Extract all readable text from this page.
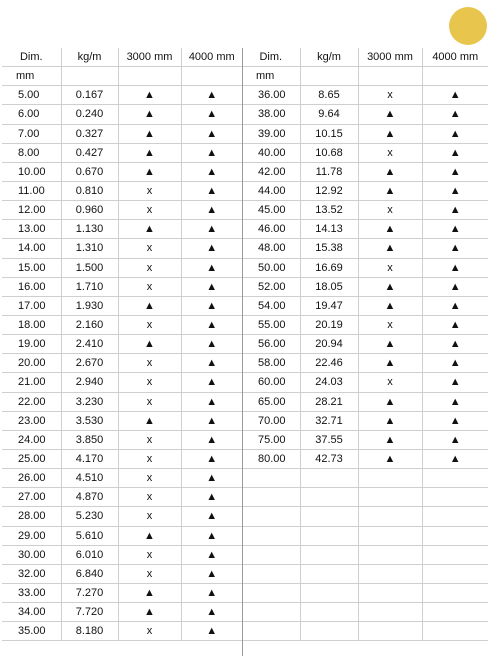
Dim.	kg/m	3000 mm	4000 mm
mm			
5.00	0.167	▲	▲
6.00	0.240	▲	▲
7.00	0.327	▲	▲
8.00	0.427	▲	▲
10.00	0.670	▲	▲
11.00	0.810	x	▲
12.00	0.960	x	▲
13.00	1.130	▲	▲
14.00	1.310	x	▲
15.00	1.500	x	▲
16.00	1.710	x	▲
17.00	1.930	▲	▲
18.00	2.160	x	▲
19.00	2.410	▲	▲
20.00	2.670	x	▲
21.00	2.940	x	▲
22.00	3.230	x	▲
23.00	3.530	▲	▲
24.00	3.850	x	▲
25.00	4.170	x	▲
26.00	4.510	x	▲
27.00	4.870	x	▲
28.00	5.230	x	▲
29.00	5.610	▲	▲
30.00	6.010	x	▲
32.00	6.840	x	▲
33.00	7.270	▲	▲
34.00	7.720	▲	▲
35.00	8.180	x	▲
Dim.	kg/m	3000 mm	4000 mm
mm			
36.00	8.65	x	▲
38.00	9.64	▲	▲
39.00	10.15	▲	▲
40.00	10.68	x	▲
42.00	11.78	▲	▲
44.00	12.92	▲	▲
45.00	13.52	x	▲
46.00	14.13	▲	▲
48.00	15.38	▲	▲
50.00	16.69	x	▲
52.00	18.05	▲	▲
54.00	19.47	▲	▲
55.00	20.19	x	▲
56.00	20.94	▲	▲
58.00	22.46	▲	▲
60.00	24.03	x	▲
65.00	28.21	▲	▲
70.00	32.71	▲	▲
75.00	37.55	▲	▲
80.00	42.73	▲	▲
